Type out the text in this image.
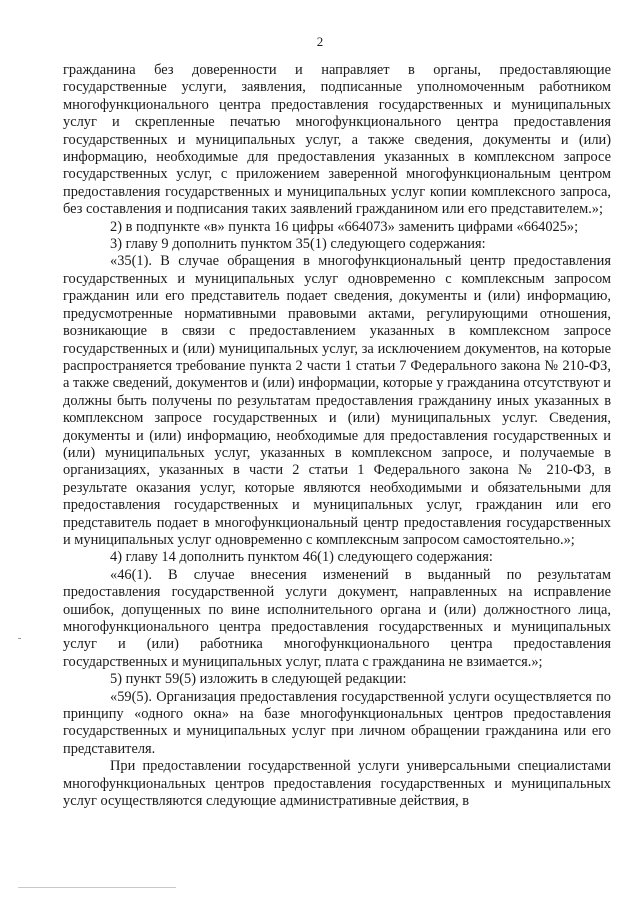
2

гражданина без доверенности и направляет в органы, предоставляющие государственные услуги, заявления, подписанные уполномоченным работником многофункционального центра предоставления государственных и муниципальных услуг и скрепленные печатью многофункционального центра предоставления государственных и муниципальных услуг, а также сведения, документы и (или) информацию, необходимые для предоставления указанных в комплексном запросе государственных услуг, с приложением заверенной многофункциональным центром предоставления государственных и муниципальных услуг копии комплексного запроса, без составления и подписания таких заявлений гражданином или его представителем.»;

2) в подпункте «в» пункта 16 цифры «664073» заменить цифрами «664025»;

3) главу 9 дополнить пунктом 35(1) следующего содержания:

«35(1). В случае обращения в многофункциональный центр предоставления государственных и муниципальных услуг одновременно с комплексным запросом гражданин или его представитель подает сведения, документы и (или) информацию, предусмотренные нормативными правовыми актами, регулирующими отношения, возникающие в связи с предоставлением указанных в комплексном запросе государственных и (или) муниципальных услуг, за исключением документов, на которые распространяется требование пункта 2 части 1 статьи 7 Федерального закона № 210-ФЗ, а также сведений, документов и (или) информации, которые у гражданина отсутствуют и должны быть получены по результатам предоставления гражданину иных указанных в комплексном запросе государственных и (или) муниципальных услуг. Сведения, документы и (или) информацию, необходимые для предоставления государственных и (или) муниципальных услуг, указанных в комплексном запросе, и получаемые в организациях, указанных в части 2 статьи 1 Федерального закона № 210-ФЗ, в результате оказания услуг, которые являются необходимыми и обязательными для предоставления государственных и муниципальных услуг, гражданин или его представитель подает в многофункциональный центр предоставления государственных и муниципальных услуг одновременно с комплексным запросом самостоятельно.»;

4) главу 14 дополнить пунктом 46(1) следующего содержания:

«46(1). В случае внесения изменений в выданный по результатам предоставления государственной услуги документ, направленных на исправление ошибок, допущенных по вине исполнительного органа и (или) должностного лица, многофункционального центра предоставления государственных и муниципальных услуг и (или) работника многофункционального центра предоставления государственных и муниципальных услуг, плата с гражданина не взимается.»;

5) пункт 59(5) изложить в следующей редакции:

«59(5). Организация предоставления государственной услуги осуществляется по принципу «одного окна» на базе многофункциональных центров предоставления государственных и муниципальных услуг при личном обращении гражданина или его представителя.

При предоставлении государственной услуги универсальными специалистами многофункциональных центров предоставления государственных и муниципальных услуг осуществляются следующие административные действия, в
